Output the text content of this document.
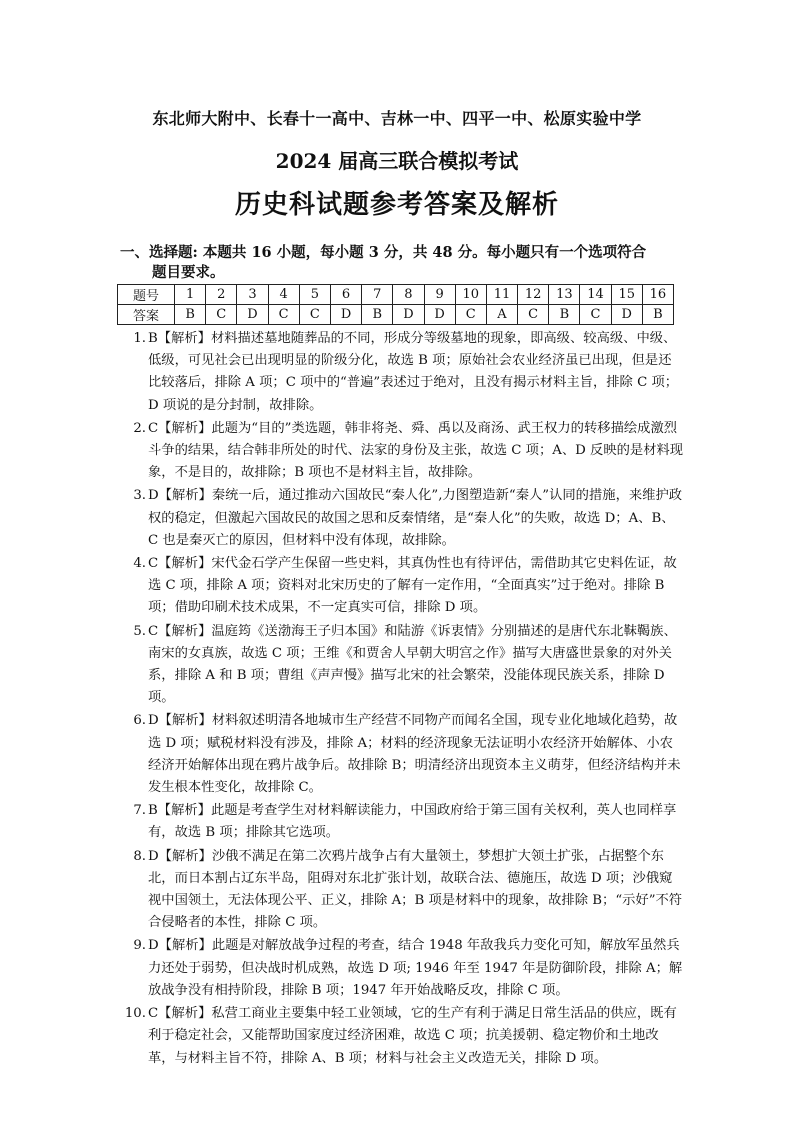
东北师大附中、长春十一高中、吉林一中、四平一中、松原实验中学
2024 届高三联合模拟考试
历史科试题参考答案及解析
一、选择题: 本题共 16 小题，每小题 3 分，共 48 分。每小题只有一个选项符合
题目要求。
题号	1	2	3	4	5	6	7	8	9	10	11	12	13	14	15	16
答案	B	C	D	C	C	D	B	D	D	C	A	C	B	C	D	B
1. B【解析】材料描述墓地随葬品的不同，形成分等级墓地的现象，即高级、较高级、中级、低级，可见社会已出现明显的阶级分化，故选 B 项；原始社会农业经济虽已出现，但是还比较落后，排除 A 项；C 项中的“普遍”表述过于绝对，且没有揭示材料主旨，排除 C 项；D 项说的是分封制，故排除。
2. C【解析】此题为“目的”类选题，韩非将尧、舜、禹以及商汤、武王权力的转移描绘成激烈斗争的结果，结合韩非所处的时代、法家的身份及主张，故选 C 项；A、D 反映的是材料现象，不是目的，故排除；B 项也不是材料主旨，故排除。
3. D【解析】秦统一后，通过推动六国故民“秦人化”,力图塑造新“秦人”认同的措施，来维护政权的稳定，但激起六国故民的故国之思和反秦情绪，是“秦人化”的失败，故选 D；A、B、C 也是秦灭亡的原因，但材料中没有体现，故排除。
4. C【解析】宋代金石学产生保留一些史料，其真伪性也有待评估，需借助其它史料佐证，故选 C 项，排除 A 项；资料对北宋历史的了解有一定作用，“全面真实”过于绝对。排除 B 项；借助印刷术技术成果，不一定真实可信，排除 D 项。
5. C【解析】温庭筠《送渤海王子归本国》和陆游《诉衷情》分别描述的是唐代东北靺鞨族、南宋的女真族，故选 C 项；王维《和贾舍人早朝大明宫之作》描写大唐盛世景象的对外关系，排除 A 和 B 项；曹组《声声慢》描写北宋的社会繁荣，没能体现民族关系，排除 D 项。
6. D【解析】材料叙述明清各地城市生产经营不同物产而闻名全国，现专业化地域化趋势，故选 D 项；赋税材料没有涉及，排除 A；材料的经济现象无法证明小农经济开始解体、小农经济开始解体出现在鸦片战争后。故排除 B；明清经济出现资本主义萌芽，但经济结构并未发生根本性变化，故排除 C。
7. B【解析】此题是考查学生对材料解读能力，中国政府给于第三国有关权利，英人也同样享有，故选 B 项；排除其它选项。
8. D【解析】沙俄不满足在第二次鸦片战争占有大量领土，梦想扩大领土扩张，占据整个东北，而日本割占辽东半岛，阻碍对东北扩张计划，故联合法、德施压，故选 D 项；沙俄窥视中国领土，无法体现公平、正义，排除 A；B 项是材料中的现象，故排除 B；“示好”不符合侵略者的本性，排除 C 项。
9. D【解析】此题是对解放战争过程的考查，结合 1948 年敌我兵力变化可知，解放军虽然兵力还处于弱势，但决战时机成熟，故选 D 项; 1946 年至 1947 年是防御阶段，排除 A；解放战争没有相持阶段，排除 B 项；1947 年开始战略反攻，排除 C 项。
10. C【解析】私营工商业主要集中轻工业领域，它的生产有利于满足日常生活品的供应，既有利于稳定社会，又能帮助国家度过经济困难，故选 C 项；抗美援朝、稳定物价和土地改革，与材料主旨不符，排除 A、B 项；材料与社会主义改造无关，排除 D 项。
